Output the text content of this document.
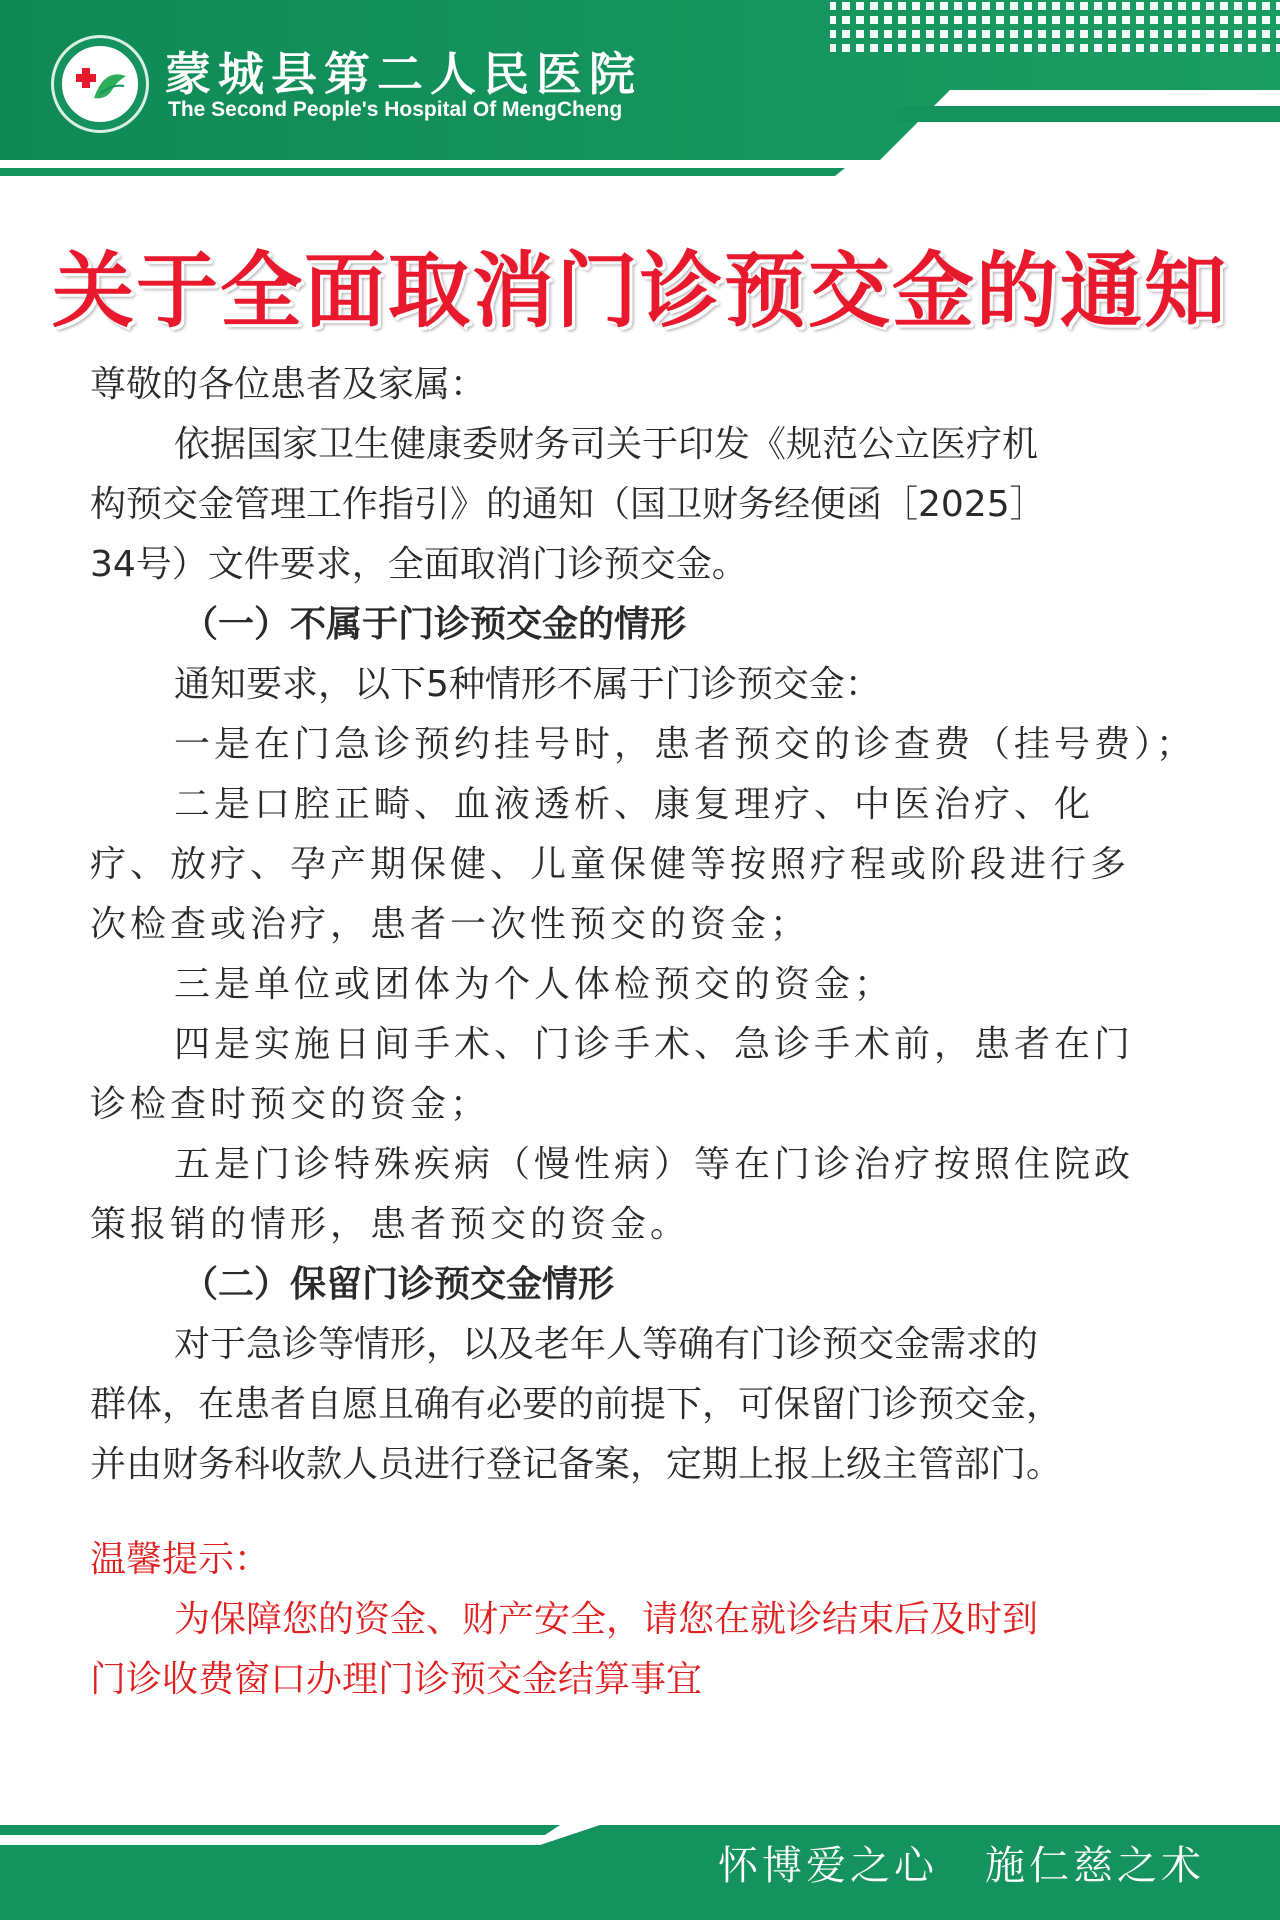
蒙城县第二人民医院
The Second People's Hospital Of MengCheng
关于全面取消门诊预交金的通知
尊敬的各位患者及家属：
依据国家卫生健康委财务司关于印发《规范公立医疗机
构预交金管理工作指引》的通知（国卫财务经便函［2025］
34号）文件要求，全面取消门诊预交金。
（一）不属于门诊预交金的情形
通知要求，以下5种情形不属于门诊预交金：
一是在门急诊预约挂号时，患者预交的诊查费（挂号费）；
二是口腔正畸、血液透析、康复理疗、中医治疗、化
疗、放疗、孕产期保健、儿童保健等按照疗程或阶段进行多
次检查或治疗，患者一次性预交的资金；
三是单位或团体为个人体检预交的资金；
四是实施日间手术、门诊手术、急诊手术前，患者在门
诊检查时预交的资金；
五是门诊特殊疾病（慢性病）等在门诊治疗按照住院政
策报销的情形，患者预交的资金。
（二）保留门诊预交金情形
对于急诊等情形，以及老年人等确有门诊预交金需求的
群体，在患者自愿且确有必要的前提下，可保留门诊预交金，
并由财务科收款人员进行登记备案，定期上报上级主管部门。
温馨提示：
为保障您的资金、财产安全，请您在就诊结束后及时到
门诊收费窗口办理门诊预交金结算事宜
怀博爱之心 施仁慈之术
